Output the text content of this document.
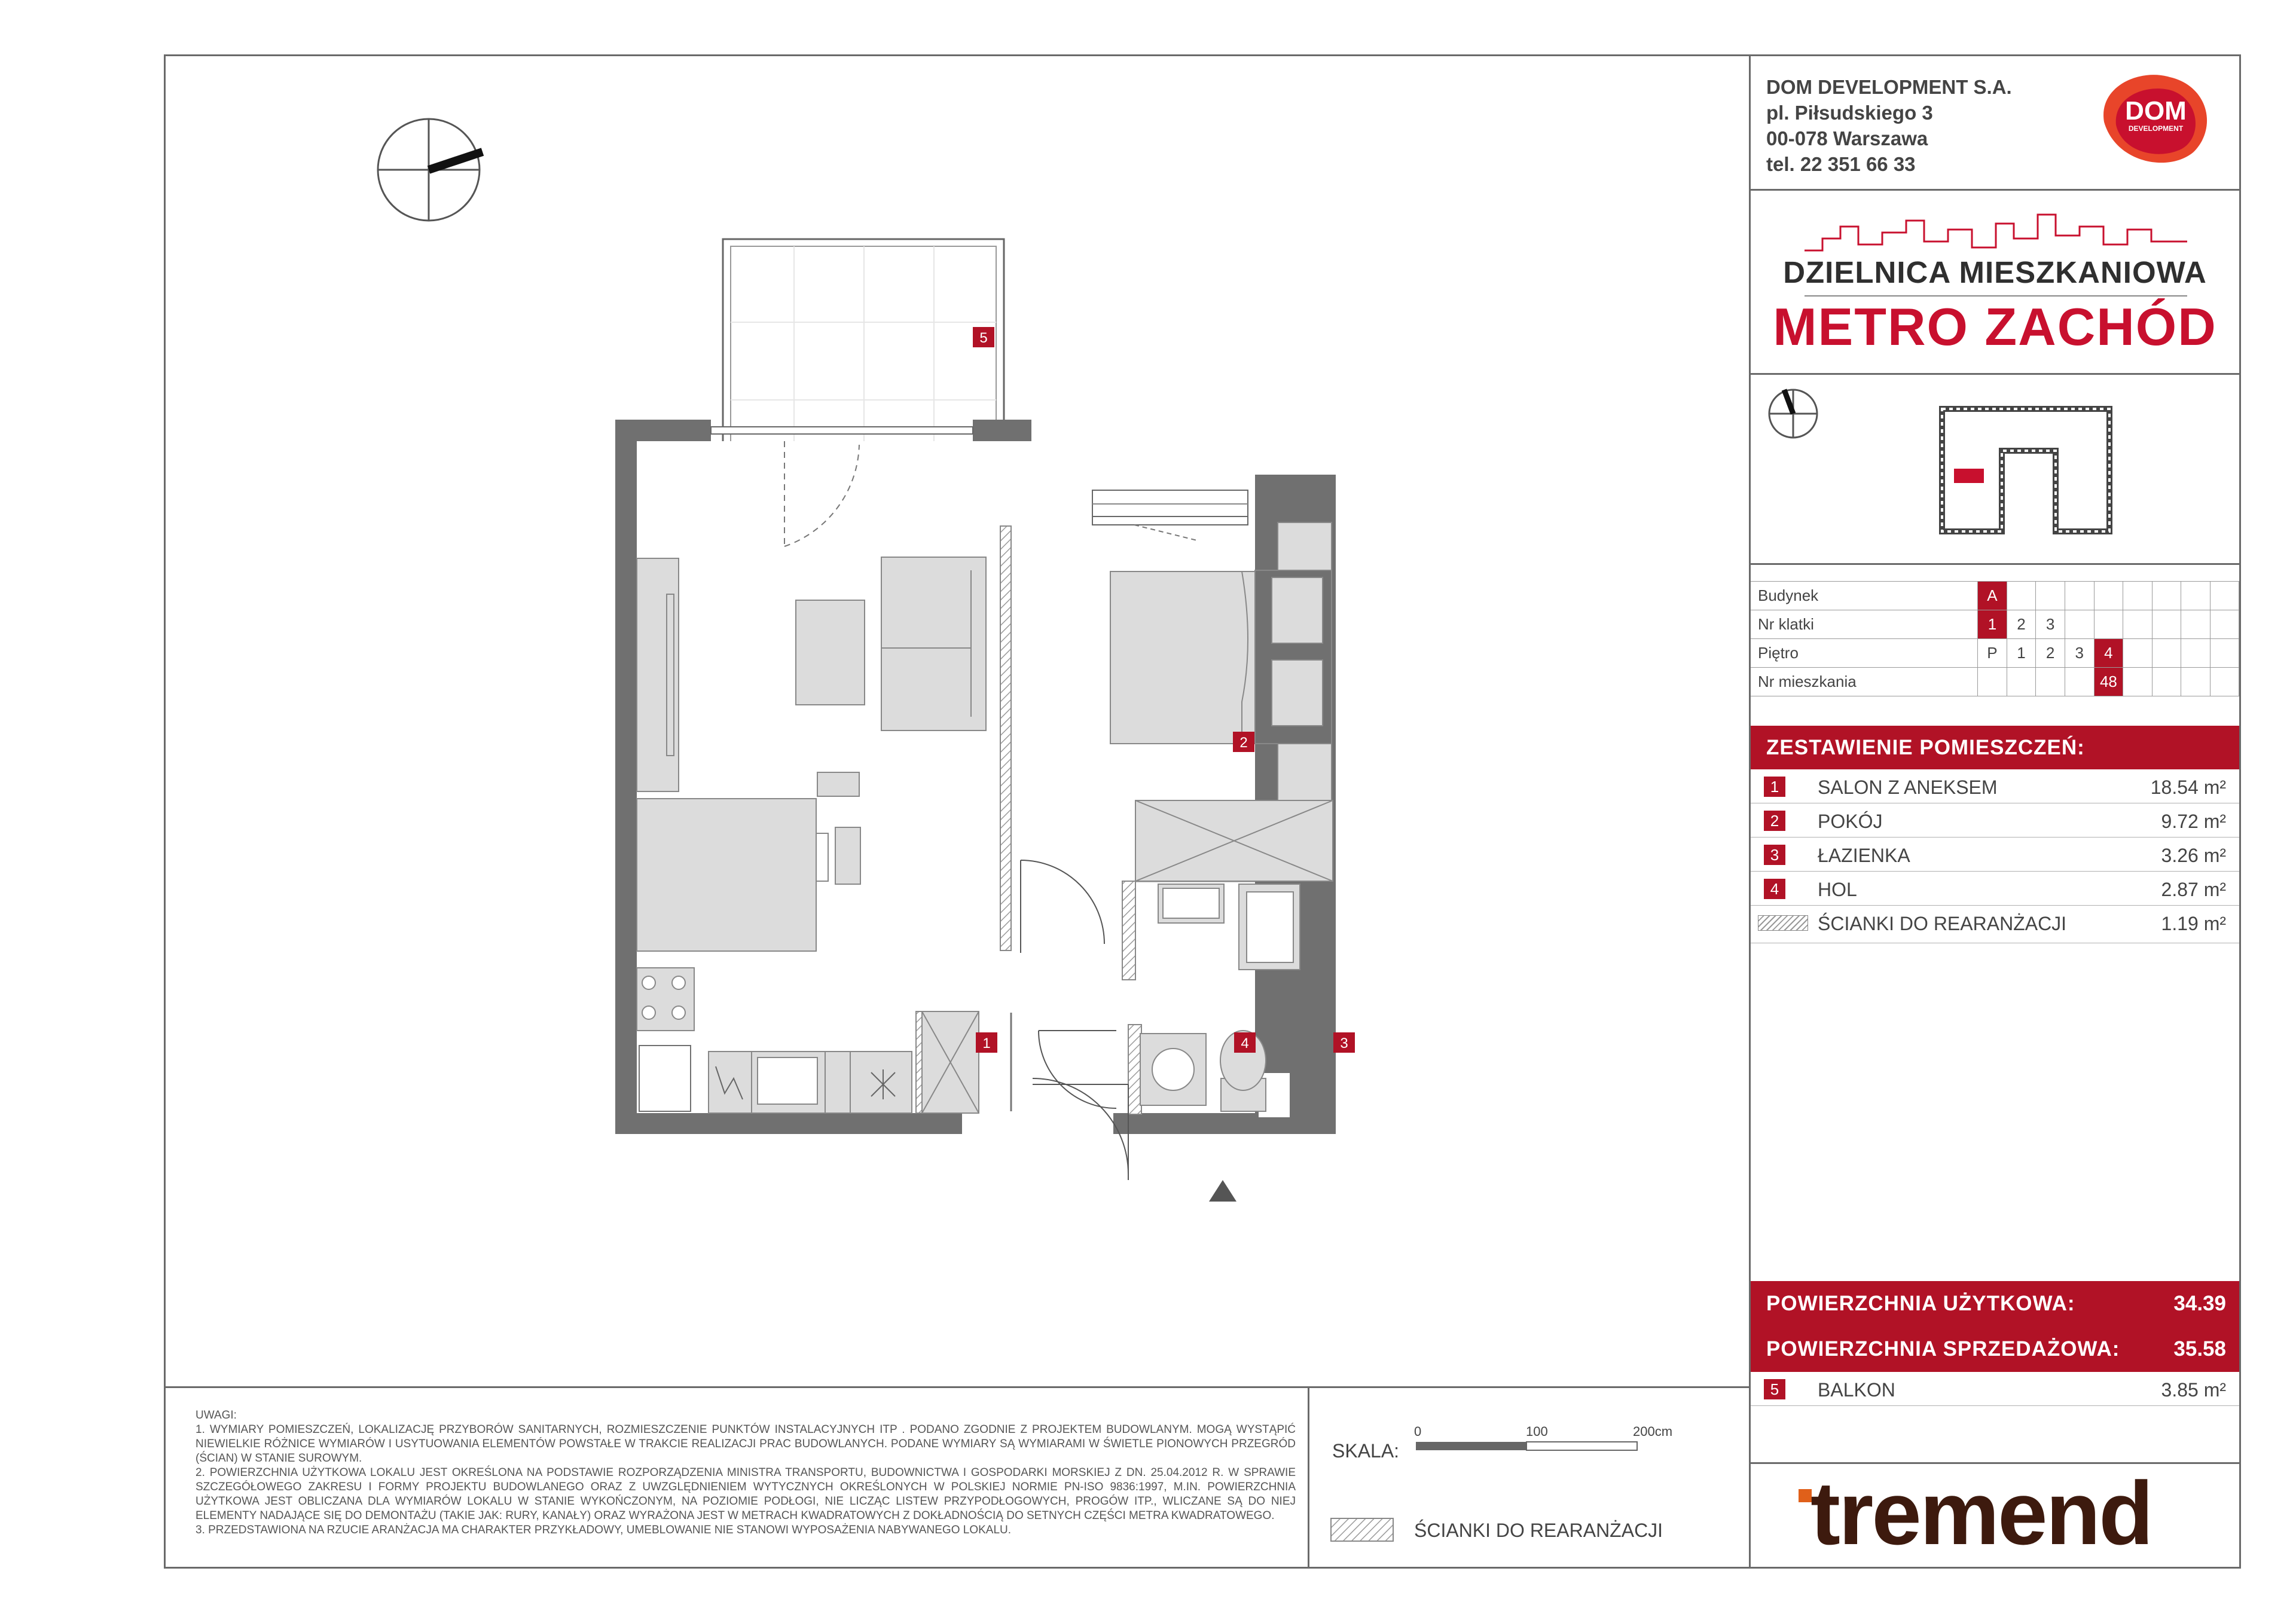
5
2
1	4	3
UWAGI:
1. WYMIARY POMIESZCZEŃ, LOKALIZACJĘ PRZYBORÓW SANITARNYCH, ROZMIESZCZENIE PUNKTÓW INSTALACYJNYCH ITP . PODANO ZGODNIE Z PROJEKTEM BUDOWLANYM. MOGĄ WYSTĄPIĆ NIEWIELKIE RÓŻNICE WYMIARÓW I USYTUOWANIA ELEMENTÓW POWSTAŁE W TRAKCIE REALIZACJI PRAC BUDOWLANYCH. PODANE WYMIARY SĄ WYMIARAMI W ŚWIETLE PIONOWYCH PRZEGRÓD (ŚCIAN) W STANIE SUROWYM.
2. POWIERZCHNIA UŻYTKOWA LOKALU JEST OKREŚLONA NA PODSTAWIE ROZPORZĄDZENIA MINISTRA TRANSPORTU, BUDOWNICTWA I GOSPODARKI MORSKIEJ Z DN. 25.04.2012 R. W SPRAWIE SZCZEGÓŁOWEGO ZAKRESU I FORMY PROJEKTU BUDOWLANEGO ORAZ Z UWZGLĘDNIENIEM WYTYCZNYCH OKREŚLONYCH W POLSKIEJ NORMIE PN-ISO 9836:1997, M.IN. POWIERZCHNIA UŻYTKOWA JEST OBLICZANA DLA WYMIARÓW LOKALU W STANIE WYKOŃCZONYM, NA POZIOMIE PODŁOGI, NIE LICZĄC LISTEW PRZYPODŁOGOWYCH, PROGÓW ITP., WLICZANE SĄ DO NIEJ ELEMENTY NADAJĄCE SIĘ DO DEMONTAŻU (TAKIE JAK: RURY, KANAŁY) ORAZ WYRAŻONA JEST W METRACH KWADRATOWYCH Z DOKŁADNOŚCIĄ DO SETNYCH CZĘŚCI METRA KWADRATOWEGO.
3. PRZEDSTAWIONA NA RZUCIE ARANŻACJA MA CHARAKTER PRZYKŁADOWY, UMEBLOWANIE NIE STANOWI WYPOSAŻENIA NABYWANEGO LOKALU.
SKALA:
0	100	200cm
ŚCIANKI DO REARANŻACJI
DOM DEVELOPMENT S.A.
pl. Piłsudskiego 3
00-078 Warszawa
tel. 22 351 66 33
DOM
DEVELOPMENT
DZIELNICA MIESZKANIOWA
METRO ZACHÓD
Budynek	A								
Nr klatki	1	2	3						
Piętro	P	1	2	3	4				
Nr mieszkania					48				
ZESTAWIENIE POMIESZCZEŃ:
1	SALON Z ANEKSEM	18.54 m²
2	POKÓJ	9.72 m²
3	ŁAZIENKA	3.26 m²
4	HOL	2.87 m²
ŚCIANKI DO REARANŻACJI	1.19 m²
POWIERZCHNIA UŻYTKOWA:	34.39
POWIERZCHNIA SPRZEDAŻOWA:	35.58
5	BALKON	3.85 m²
tremend
